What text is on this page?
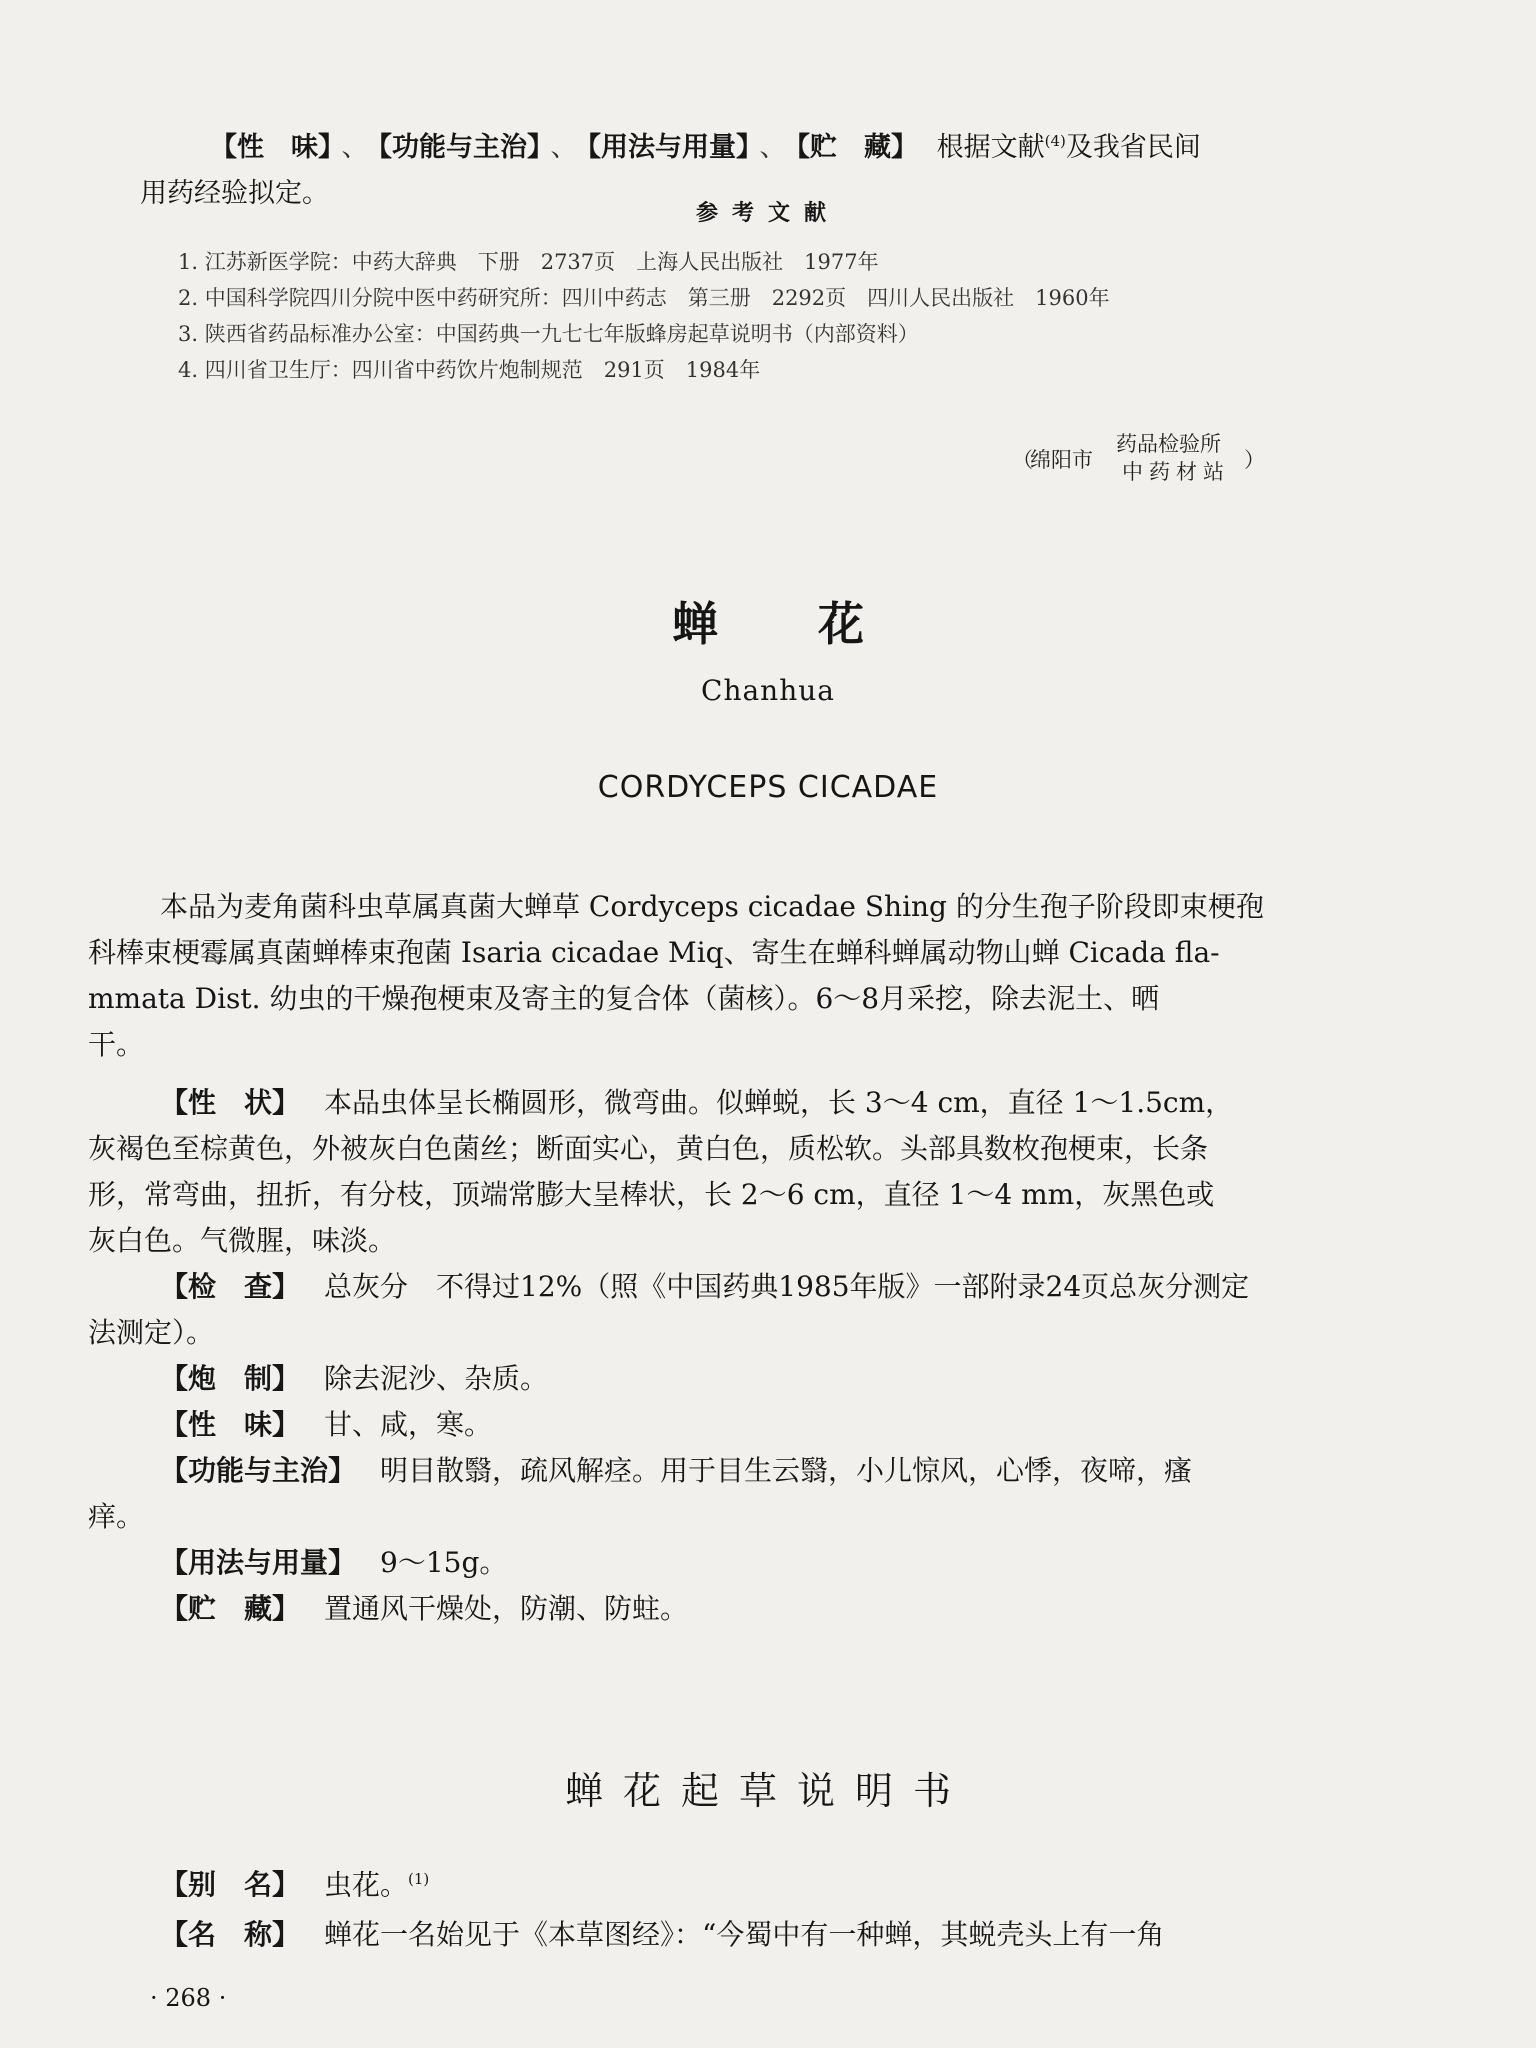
【性　味】 、 【功能与主治】 、 【用法与用量】 、 【贮　藏】 根据文献$^{(4)}$及我省民间
用药经验拟定。
参考文献
1. 江苏新医学院：中药大辞典　下册　2737页　上海人民出版社　1977年
2. 中国科学院四川分院中医中药研究所：四川中药志　第三册　2292页　四川人民出版社　1960年
3. 陕西省药品标准办公室：中国药典一九七七年版蜂房起草说明书（内部资料）
4. 四川省卫生厅：四川省中药饮片炮制规范　291页　1984年
（
绵阳市
药品检验所
中药材站 ）
蝉花
Chanhua
CORDYCEPS CICADAE
本品为麦角菌科虫草属真菌大蝉草 Cordyceps cicadae Shing 的分生孢子阶段即束梗孢
科棒束梗霉属真菌蝉棒束孢菌 Isaria cicadae Miq、寄生在蝉科蝉属动物山蝉 Cicada fla-
mmata Dist. 幼虫的干燥孢梗束及寄主的复合体（菌核）。6～8月采挖，除去泥土、晒
干。
【性　状】 本品虫体呈长椭圆形，微弯曲。似蝉蜕，长 3～4 cm，直径 1～1.5cm，
灰褐色至棕黄色，外被灰白色菌丝；断面实心，黄白色，质松软。头部具数枚孢梗束，长条
形，常弯曲，扭折，有分枝，顶端常膨大呈棒状，长 2～6 cm，直径 1～4 mm，灰黑色或
灰白色。气微腥，味淡。
【检　查】 总灰分　不得过12%（照《中国药典1985年版》一部附录24页总灰分测定
法测定）。
【炮　制】 除去泥沙、杂质。
【性　味】 甘、咸，寒。
【功能与主治】 明目散翳，疏风解痉。用于目生云翳，小儿惊风，心悸，夜啼，瘙
痒。
【用法与用量】 9～15g。
【贮　藏】 置通风干燥处，防潮、防蛀。
蝉花起草说明书
【别　名】 虫花。$^{(1)}$
【名　称】 蝉花一名始见于《本草图经》：“今蜀中有一种蝉，其蜕壳头上有一角
· 268 ·
